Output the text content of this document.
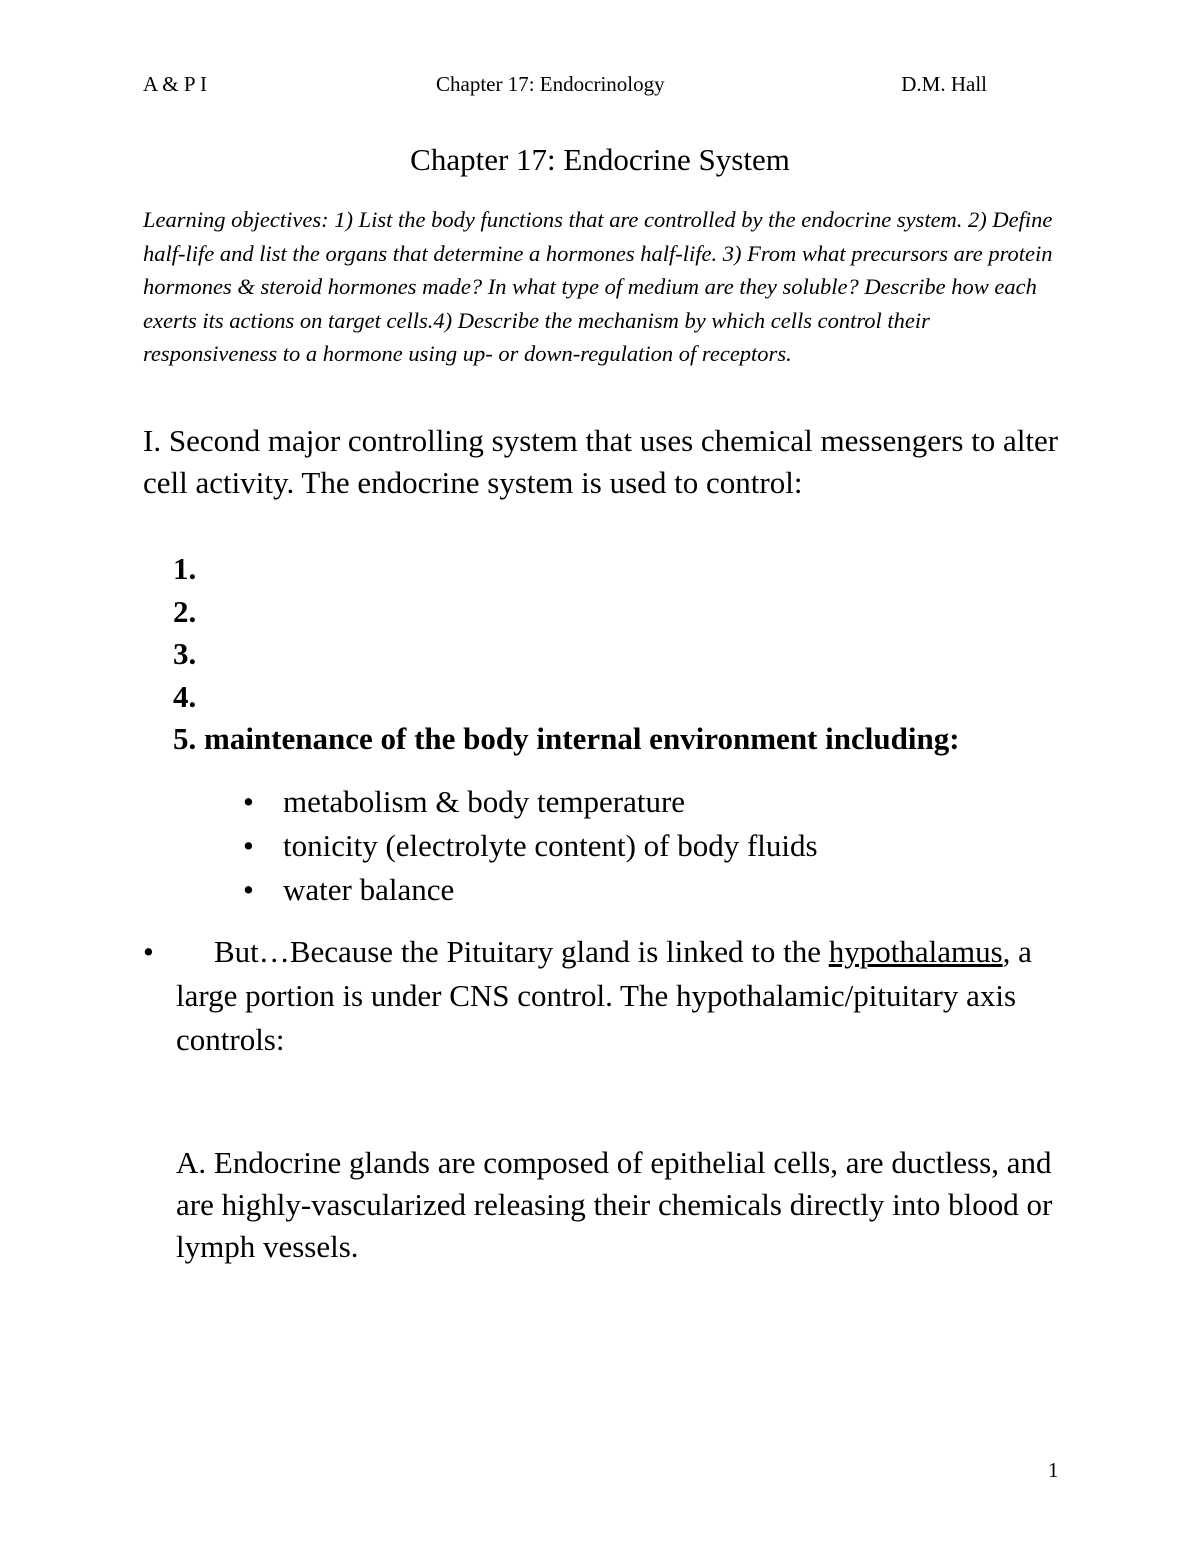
A & P I	Chapter 17: Endocrinology	D.M. Hall
Chapter 17: Endocrine System
Learning objectives: 1) List the body functions that are controlled by the endocrine system. 2) Define half-life and list the organs that determine a hormones half-life. 3) From what precursors are protein hormones & steroid hormones made? In what type of medium are they soluble? Describe how each exerts its actions on target cells.4) Describe the mechanism by which cells control their responsiveness to a hormone using up- or down-regulation of receptors.
I. Second major controlling system that uses chemical messengers to alter cell activity. The endocrine system is used to control:
1.
2.
3.
4.
5. maintenance of the body internal environment including:
• metabolism & body temperature
• tonicity (electrolyte content) of body fluids
• water balance
•	But…Because the Pituitary gland is linked to the hypothalamus, a large portion is under CNS control. The hypothalamic/pituitary axis controls:
A. Endocrine glands are composed of epithelial cells, are ductless, and are highly-vascularized releasing their chemicals directly into blood or lymph vessels.
1
